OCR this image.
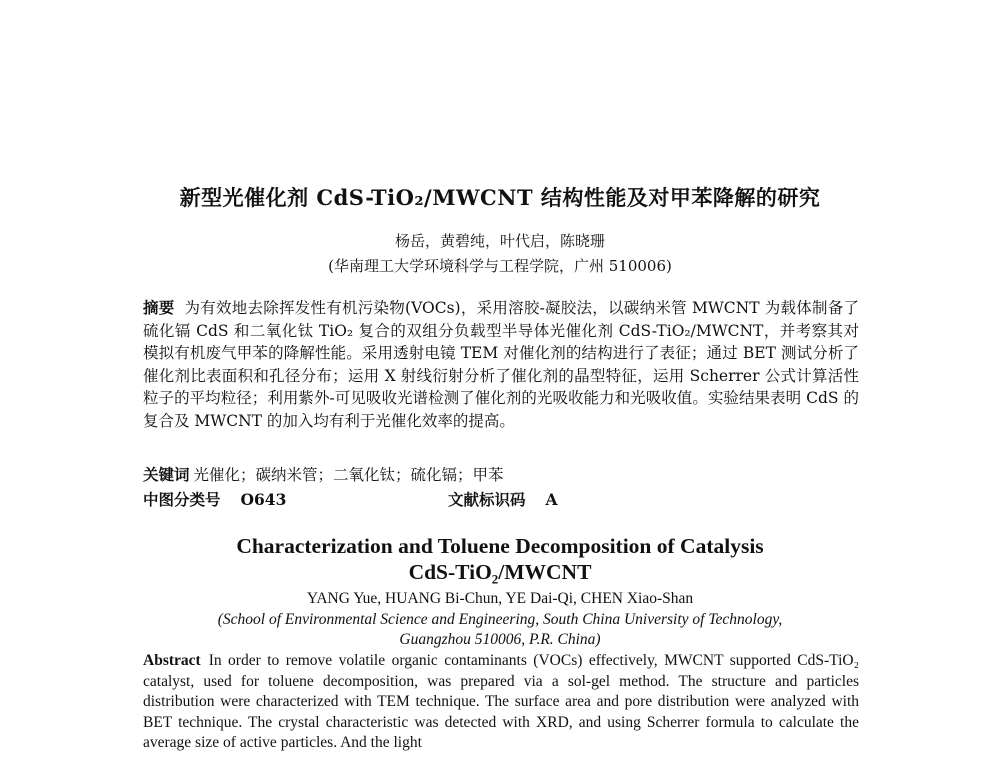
新型光催化剂 CdS-TiO₂/MWCNT 结构性能及对甲苯降解的研究
杨岳，黄碧纯，叶代启，陈晓珊
(华南理工大学环境科学与工程学院，广州 510006)
摘要 为有效地去除挥发性有机污染物(VOCs)，采用溶胶-凝胶法，以碳纳米管 MWCNT 为载体制备了硫化镉 CdS 和二氧化钛 TiO₂ 复合的双组分负载型半导体光催化剂 CdS-TiO₂/MWCNT，并考察其对模拟有机废气甲苯的降解性能。采用透射电镜 TEM 对催化剂的结构进行了表征；通过 BET 测试分析了催化剂比表面积和孔径分布；运用 X 射线衍射分析了催化剂的晶型特征，运用 Scherrer 公式计算活性粒子的平均粒径；利用紫外-可见吸收光谱检测了催化剂的光吸收能力和光吸收值。实验结果表明 CdS 的复合及 MWCNT 的加入均有利于光催化效率的提高。
关键词 光催化；碳纳米管；二氧化钛；硫化镉；甲苯
中图分类号 O643	文献标识码 A
Characterization and Toluene Decomposition of Catalysis
CdS-TiO₂/MWCNT
YANG Yue, HUANG Bi-Chun, YE Dai-Qi, CHEN Xiao-Shan
(School of Environmental Science and Engineering, South China University of Technology,
Guangzhou 510006, P.R. China)
Abstract In order to remove volatile organic contaminants (VOCs) effectively, MWCNT supported CdS-TiO₂ catalyst, used for toluene decomposition, was prepared via a sol-gel method. The structure and particles distribution were characterized with TEM technique. The surface area and pore distribution were analyzed with BET technique. The crystal characteristic was detected with XRD, and using Scherrer formula to calculate the average size of active particles. And the light
